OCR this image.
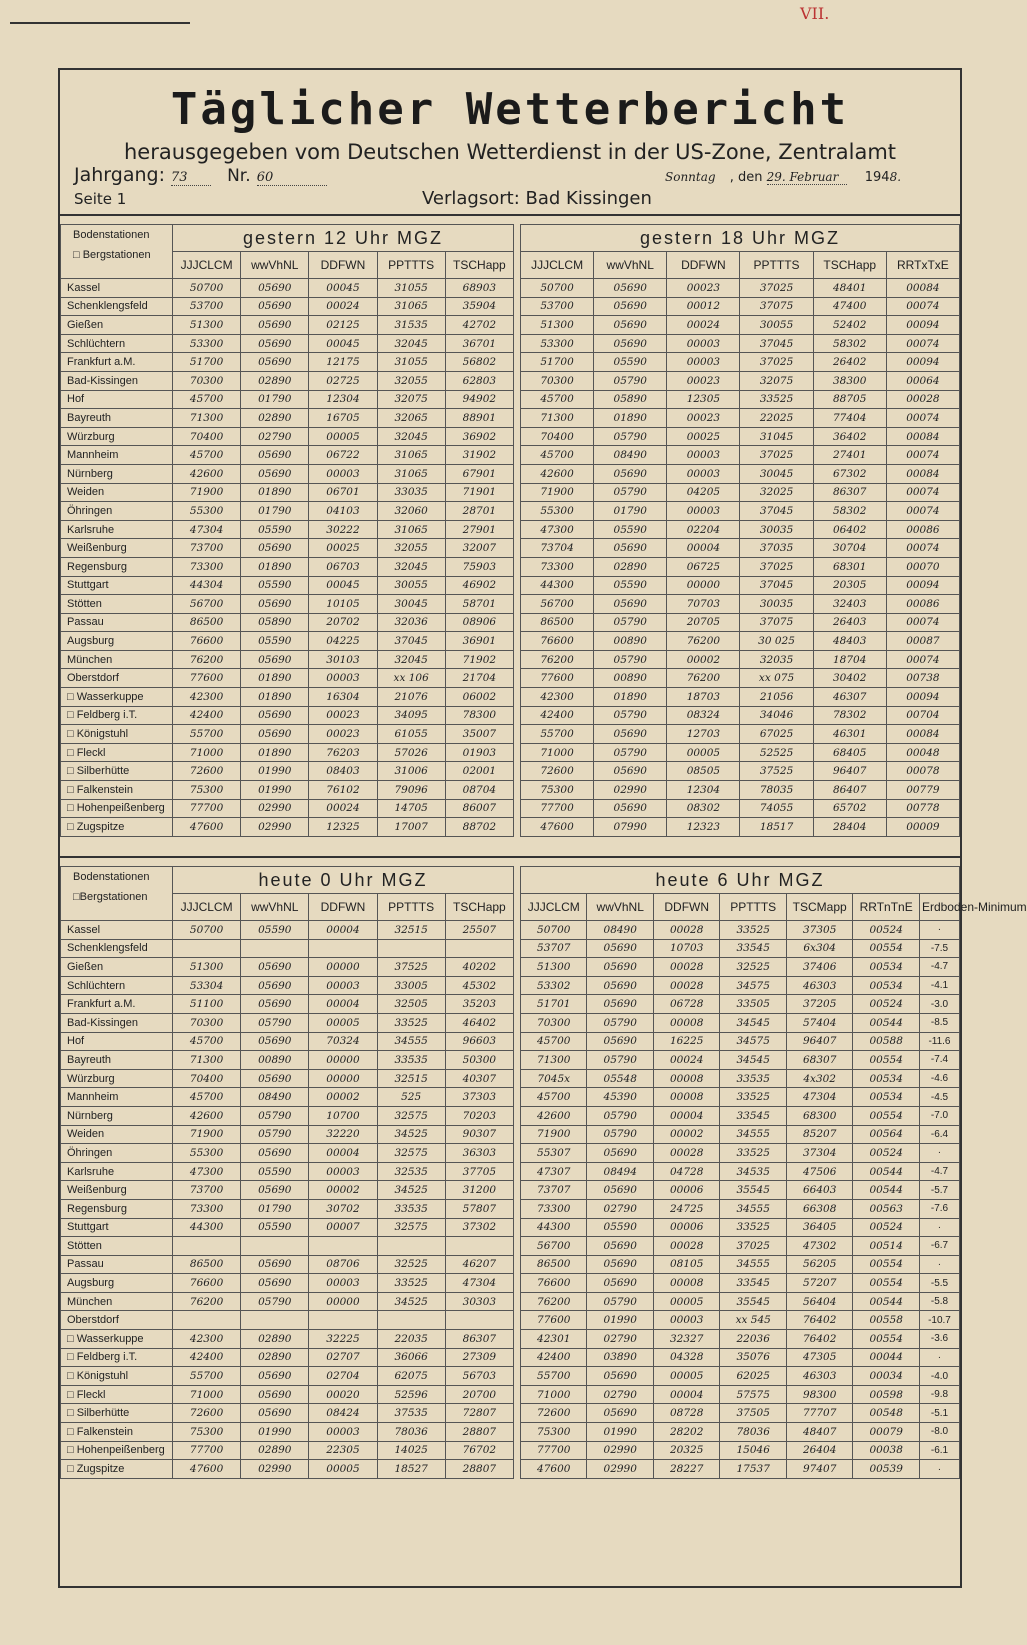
VII.
Täglicher Wetterbericht
herausgegeben vom Deutschen Wetterdienst in der US-Zone, Zentralamt
Jahrgang: 73 Nr. 60
Seite 1	Verlagsort: Bad Kissingen
Sonntag , den 29. Februar 1948.
Bodenstationen
□ Bergstationen	gestern 12 Uhr MGZ				
	JJJCLCM	wwVhNL	DDFWN	PPTTTS	TSCHapp
Kassel	50700	05690	00045	31055	68903
Schenklengsfeld	53700	05690	00024	31065	35904
Gießen	51300	05690	02125	31535	42702
Schlüchtern	53300	05690	00045	32045	36701
Frankfurt a.M.	51700	05690	12175	31055	56802
Bad-Kissingen	70300	02890	02725	32055	62803
Hof	45700	01790	12304	32075	94902
Bayreuth	71300	02890	16705	32065	88901
Würzburg	70400	02790	00005	32045	36902
Mannheim	45700	05690	06722	31065	31902
Nürnberg	42600	05690	00003	31065	67901
Weiden	71900	01890	06701	33035	71901
Öhringen	55300	01790	04103	32060	28701
Karlsruhe	47304	05590	30222	31065	27901
Weißenburg	73700	05690	00025	32055	32007
Regensburg	73300	01890	06703	32045	75903
Stuttgart	44304	05590	00045	30055	46902
Stötten	56700	05690	10105	30045	58701
Passau	86500	05890	20702	32036	08906
Augsburg	76600	05590	04225	37045	36901
München	76200	05690	30103	32045	71902
Oberstdorf	77600	01890	00003	xx 106	21704
□ Wasserkuppe	42300	01890	16304	21076	06002
□ Feldberg i.T.	42400	05690	00023	34095	78300
□ Königstuhl	55700	05690	00023	61055	35007
□ Fleckl	71000	01890	76203	57026	01903
□ Silberhütte	72600	01990	08403	31006	02001
□ Falkenstein	75300	01990	76102	79096	08704
□ Hohenpeißenberg	77700	02990	00024	14705	86007
□ Zugspitze	47600	02990	12325	17007	88702
gestern 18 Uhr MGZ					
JJJCLCM	wwVhNL	DDFWN	PPTTTS	TSCHapp	RRTxTxE
50700	05690	00023	37025	48401	00084
53700	05690	00012	37075	47400	00074
51300	05690	00024	30055	52402	00094
53300	05690	00003	37045	58302	00074
51700	05590	00003	37025	26402	00094
70300	05790	00023	32075	38300	00064
45700	05890	12305	33525	88705	00028
71300	01890	00023	22025	77404	00074
70400	05790	00025	31045	36402	00084
45700	08490	00003	37025	27401	00074
42600	05690	00003	30045	67302	00084
71900	05790	04205	32025	86307	00074
55300	01790	00003	37045	58302	00074
47300	05590	02204	30035	06402	00086
73704	05690	00004	37035	30704	00074
73300	02890	06725	37025	68301	00070
44300	05590	00000	37045	20305	00094
56700	05690	70703	30035	32403	00086
86500	05790	20705	37075	26403	00074
76600	00890	76200	30 025	48403	00087
76200	05790	00002	32035	18704	00074
77600	00890	76200	xx 075	30402	00738
42300	01890	18703	21056	46307	00094
42400	05790	08324	34046	78302	00704
55700	05690	12703	67025	46301	00084
71000	05790	00005	52525	68405	00048
72600	05690	08505	37525	96407	00078
75300	02990	12304	78035	86407	00779
77700	05690	08302	74055	65702	00778
47600	07990	12323	18517	28404	00009
Bodenstationen
□Bergstationen	heute 0 Uhr MGZ				
	JJJCLCM	wwVhNL	DDFWN	PPTTTS	TSCHapp
Kassel	50700	05590	00004	32515	25507
Schenklengsfeld					
Gießen	51300	05690	00000	37525	40202
Schlüchtern	53304	05690	00003	33005	45302
Frankfurt a.M.	51100	05690	00004	32505	35203
Bad-Kissingen	70300	05790	00005	33525	46402
Hof	45700	05690	70324	34555	96603
Bayreuth	71300	00890	00000	33535	50300
Würzburg	70400	05690	00000	32515	40307
Mannheim	45700	08490	00002	525	37303
Nürnberg	42600	05790	10700	32575	70203
Weiden	71900	05790	32220	34525	90307
Öhringen	55300	05690	00004	32575	36303
Karlsruhe	47300	05590	00003	32535	37705
Weißenburg	73700	05690	00002	34525	31200
Regensburg	73300	01790	30702	33535	57807
Stuttgart	44300	05590	00007	32575	37302
Stötten					
Passau	86500	05690	08706	32525	46207
Augsburg	76600	05690	00003	33525	47304
München	76200	05790	00000	34525	30303
Oberstdorf					
□ Wasserkuppe	42300	02890	32225	22035	86307
□ Feldberg i.T.	42400	02890	02707	36066	27309
□ Königstuhl	55700	05690	02704	62075	56703
□ Fleckl	71000	05690	00020	52596	20700
□ Silberhütte	72600	05690	08424	37535	72807
□ Falkenstein	75300	01990	00003	78036	28807
□ Hohenpeißenberg	77700	02890	22305	14025	76702
□ Zugspitze	47600	02990	00005	18527	28807
heute 6 Uhr MGZ						
JJJCLCM	wwVhNL	DDFWN	PPTTTS	TSCMapp	RRTnTnE	Erdboden-Minimum
50700	08490	00028	33525	37305	00524	·
53707	05690	10703	33545	6x304	00554	-7.5
51300	05690	00028	32525	37406	00534	-4.7
53302	05690	00028	34575	46303	00534	-4.1
51701	05690	06728	33505	37205	00524	-3.0
70300	05790	00008	34545	57404	00544	-8.5
45700	05690	16225	34575	96407	00588	-11.6
71300	05790	00024	34545	68307	00554	-7.4
7045x	05548	00008	33535	4x302	00534	-4.6
45700	45390	00008	33525	47304	00534	-4.5
42600	05790	00004	33545	68300	00554	-7.0
71900	05790	00002	34555	85207	00564	-6.4
55307	05690	00028	33525	37304	00524	·
47307	08494	04728	34535	47506	00544	-4.7
73707	05690	00006	35545	66403	00544	-5.7
73300	02790	24725	34555	66308	00563	-7.6
44300	05590	00006	33525	36405	00524	·
56700	05690	00028	37025	47302	00514	-6.7
86500	05690	08105	34555	56205	00554	·
76600	05690	00008	33545	57207	00554	-5.5
76200	05790	00005	35545	56404	00544	-5.8
77600	01990	00003	xx 545	76402	00558	-10.7
42301	02790	32327	22036	76402	00554	-3.6
42400	03890	04328	35076	47305	00044	·
55700	05690	00005	62025	46303	00034	-4.0
71000	02790	00004	57575	98300	00598	-9.8
72600	05690	08728	37505	77707	00548	-5.1
75300	01990	28202	78036	48407	00079	-8.0
77700	02990	20325	15046	26404	00038	-6.1
47600	02990	28227	17537	97407	00539	·
